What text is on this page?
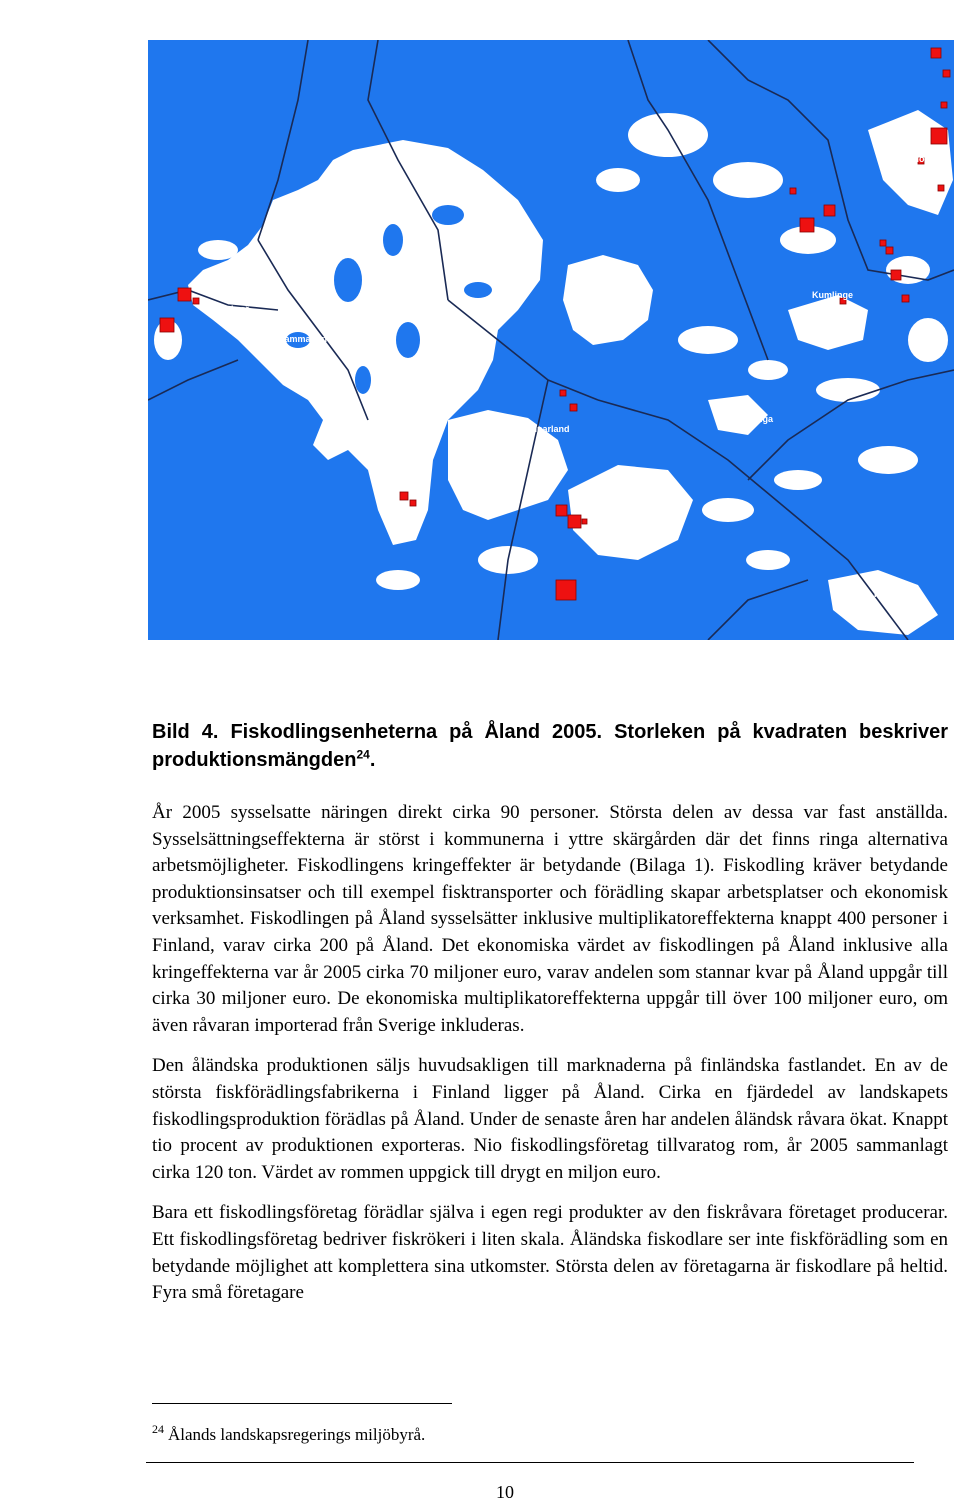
Geta
Saltvik
Finström
Eckerö
Hammarland
Sund
Vårdö
Brändö
Kumlinge
Jomala
Mariehamn
Lumparland
Sottunga
Lemland
Föglö
Kökar
Bild 4. Fiskodlingsenheterna på Åland 2005. Storleken på kvadraten beskriver produktionsmängden$^{24}$.

År 2005 sysselsatte näringen direkt cirka 90 personer. Största delen av dessa var fast anställda. Sysselsättningseffekterna är störst i kommunerna i yttre skärgården där det finns ringa alternativa arbetsmöjligheter. Fiskodlingens kringeffekter är betydande (Bilaga 1). Fiskodling kräver betydande produktionsinsatser och till exempel fisktransporter och förädling skapar arbetsplatser och ekonomisk verksamhet. Fiskodlingen på Åland sysselsätter inklusive multiplikatoreffekterna knappt 400 personer i Finland, varav cirka 200 på Åland. Det ekonomiska värdet av fiskodlingen på Åland inklusive alla kringeffekterna var år 2005 cirka 70 miljoner euro, varav andelen som stannar kvar på Åland uppgår till cirka 30 miljoner euro. De ekonomiska multiplikatoreffekterna uppgår till över 100 miljoner euro, om även råvaran importerad från Sverige inkluderas.

Den åländska produktionen säljs huvudsakligen till marknaderna på finländska fastlandet. En av de största fiskförädlingsfabrikerna i Finland ligger på Åland. Cirka en fjärdedel av landskapets fiskodlingsproduktion förädlas på Åland. Under de senaste åren har andelen åländsk råvara ökat. Knappt tio procent av produktionen exporteras. Nio fiskodlingsföretag tillvaratog rom, år 2005 sammanlagt cirka 120 ton. Värdet av rommen uppgick till drygt en miljon euro.

Bara ett fiskodlingsföretag förädlar själva i egen regi produkter av den fiskråvara företaget producerar. Ett fiskodlingsföretag bedriver fiskrökeri i liten skala. Åländska fiskodlare ser inte fiskförädling som en betydande möjlighet att komplettera sina utkomster. Största delen av företagarna är fiskodlare på heltid. Fyra små företagare

$^{24}$ Ålands landskapsregerings miljöbyrå.
10
